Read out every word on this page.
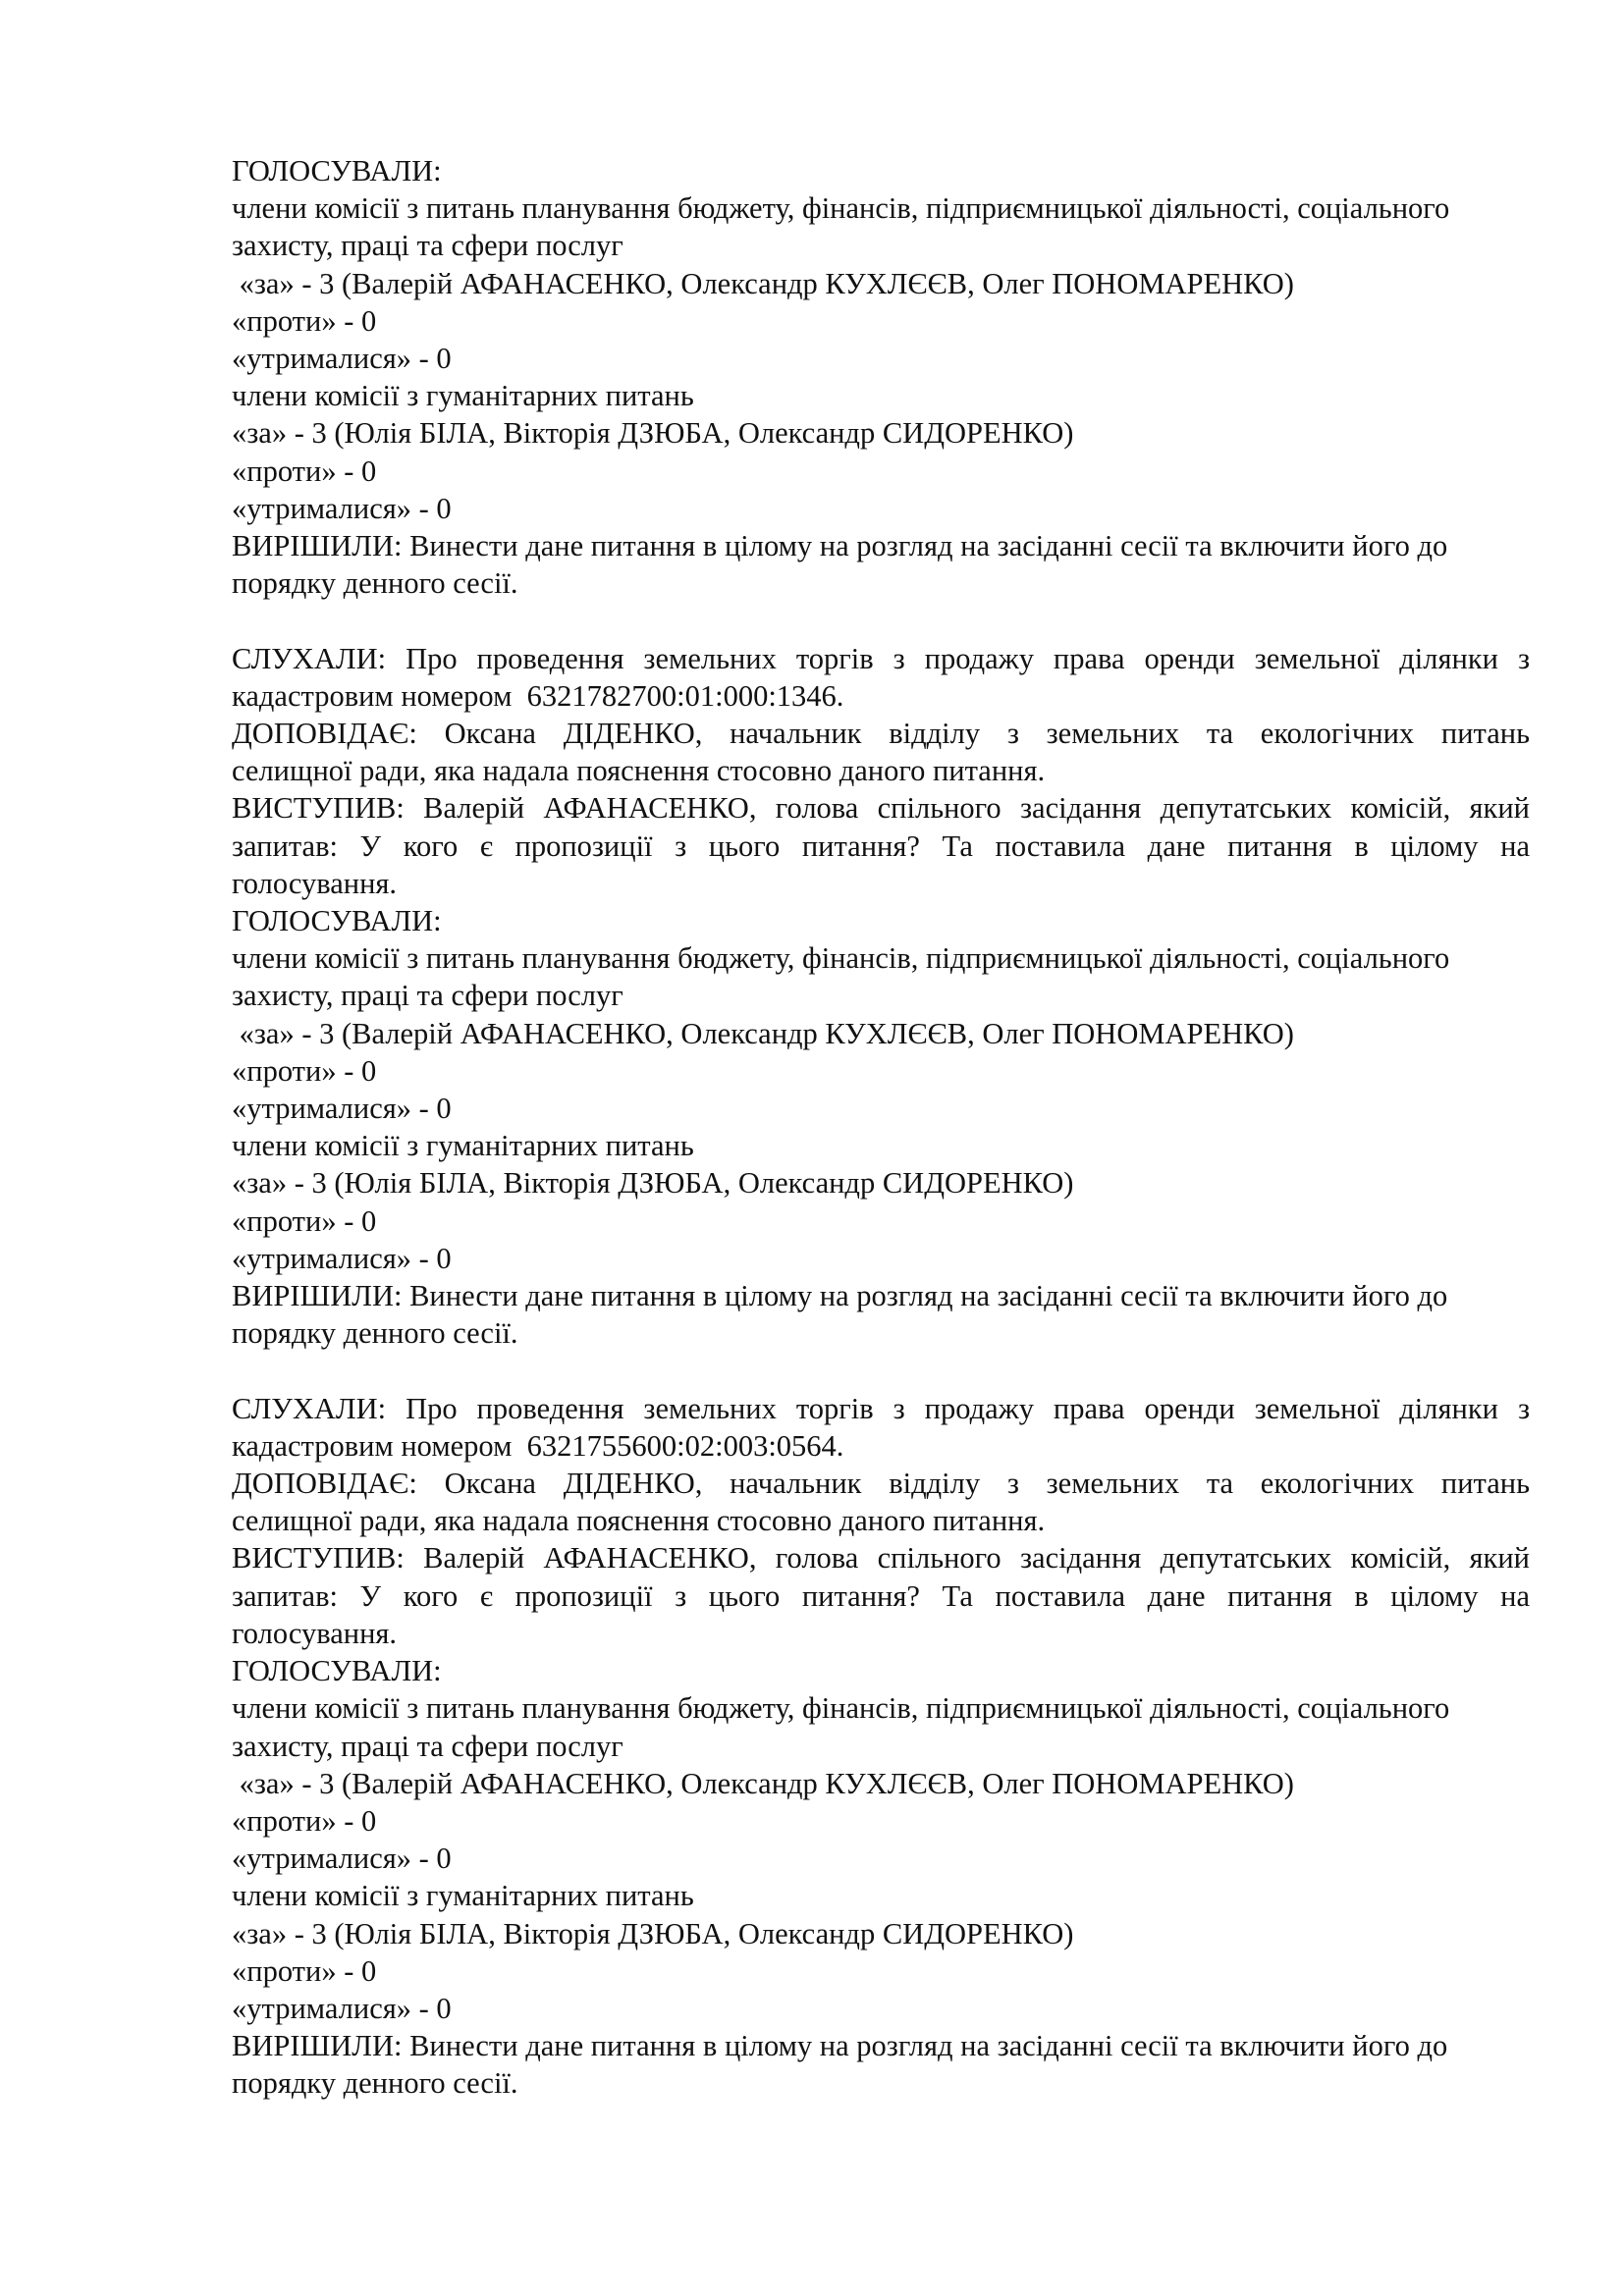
ГОЛОСУВАЛИ:
члени комісії з питань планування бюджету, фінансів, підприємницької діяльності, соціального
захисту, праці та сфери послуг
«за» - 3 (Валерій АФАНАСЕНКО, Олександр КУХЛЄЄВ, Олег ПОНОМАРЕНКО)
«проти» - 0
«утрималися» - 0
члени комісії з гуманітарних питань
«за» - 3 (Юлія БІЛА, Вікторія ДЗЮБА, Олександр СИДОРЕНКО)
«проти» - 0
«утрималися» - 0
ВИРІШИЛИ: Винести дане питання в цілому на розгляд на засіданні сесії та включити його до
порядку денного сесії.
СЛУХАЛИ: Про проведення земельних торгів з продажу права оренди земельної ділянки з
кадастровим номером  6321782700:01:000:1346.
ДОПОВІДАЄ: Оксана ДІДЕНКО, начальник відділу з земельних та екологічних питань
селищної ради, яка надала пояснення стосовно даного питання.
ВИСТУПИВ: Валерій АФАНАСЕНКО, голова спільного засідання депутатських комісій, який
запитав: У кого є пропозиції з цього питання? Та поставила дане питання в цілому на
голосування.
ГОЛОСУВАЛИ:
члени комісії з питань планування бюджету, фінансів, підприємницької діяльності, соціального
захисту, праці та сфери послуг
«за» - 3 (Валерій АФАНАСЕНКО, Олександр КУХЛЄЄВ, Олег ПОНОМАРЕНКО)
«проти» - 0
«утрималися» - 0
члени комісії з гуманітарних питань
«за» - 3 (Юлія БІЛА, Вікторія ДЗЮБА, Олександр СИДОРЕНКО)
«проти» - 0
«утрималися» - 0
ВИРІШИЛИ: Винести дане питання в цілому на розгляд на засіданні сесії та включити його до
порядку денного сесії.
СЛУХАЛИ: Про проведення земельних торгів з продажу права оренди земельної ділянки з
кадастровим номером  6321755600:02:003:0564.
ДОПОВІДАЄ: Оксана ДІДЕНКО, начальник відділу з земельних та екологічних питань
селищної ради, яка надала пояснення стосовно даного питання.
ВИСТУПИВ: Валерій АФАНАСЕНКО, голова спільного засідання депутатських комісій, який
запитав: У кого є пропозиції з цього питання? Та поставила дане питання в цілому на
голосування.
ГОЛОСУВАЛИ:
члени комісії з питань планування бюджету, фінансів, підприємницької діяльності, соціального
захисту, праці та сфери послуг
«за» - 3 (Валерій АФАНАСЕНКО, Олександр КУХЛЄЄВ, Олег ПОНОМАРЕНКО)
«проти» - 0
«утрималися» - 0
члени комісії з гуманітарних питань
«за» - 3 (Юлія БІЛА, Вікторія ДЗЮБА, Олександр СИДОРЕНКО)
«проти» - 0
«утрималися» - 0
ВИРІШИЛИ: Винести дане питання в цілому на розгляд на засіданні сесії та включити його до
порядку денного сесії.
